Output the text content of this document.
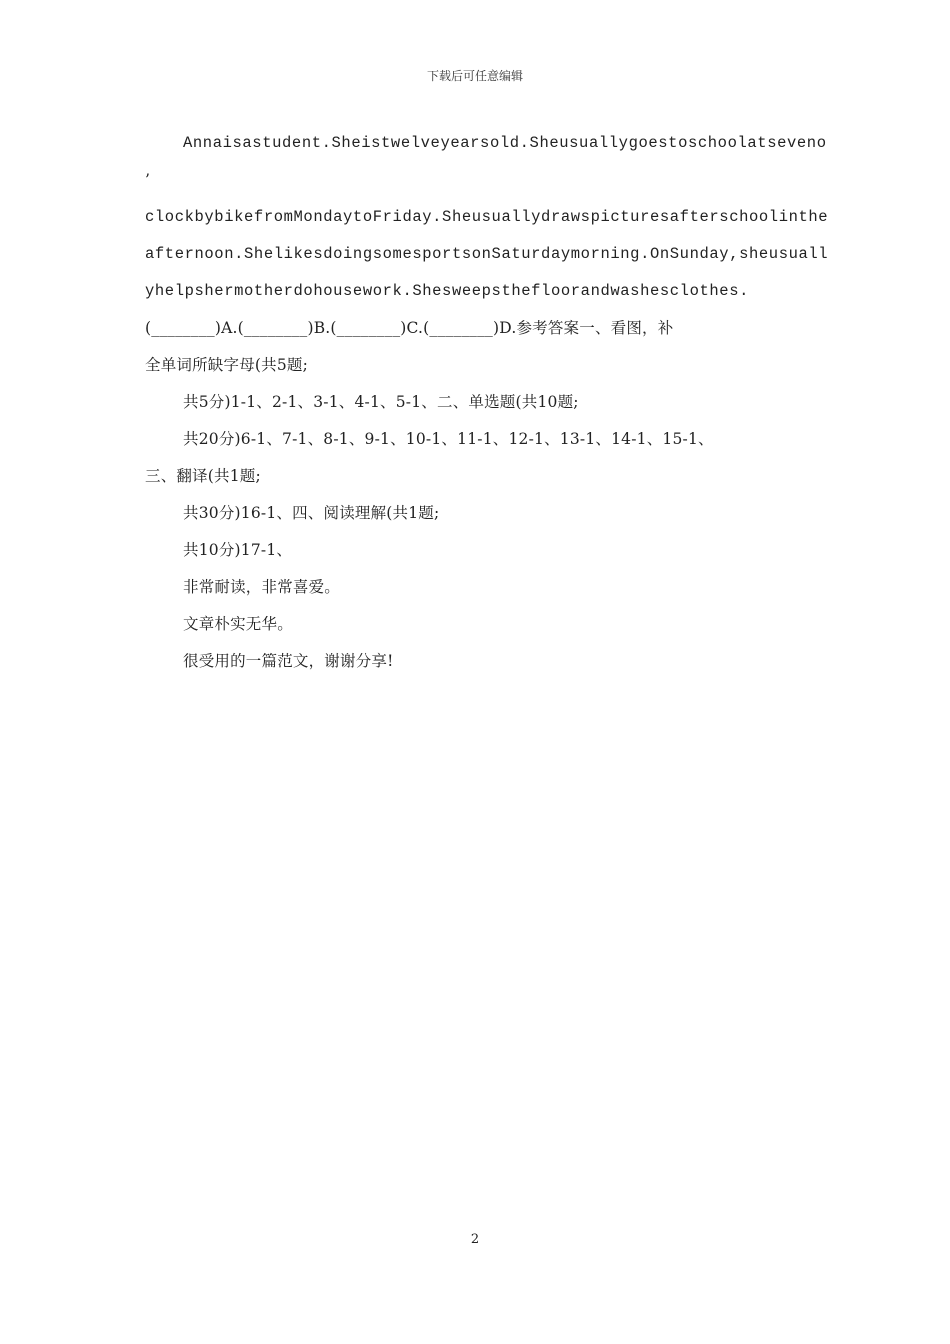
下载后可任意编辑

Annaisastudent.Sheistwelveyearsold.Sheusuallygoestoschoolatseveno

’

clockbybikefromMondaytoFriday.Sheusuallydrawspicturesafterschoolinthe

afternoon.ShelikesdoingsomesportsonSaturdaymorning.OnSunday,sheusuall

yhelpshermotherdohousework.Shesweepsthefloorandwashesclothes.

(________)A.(________)B.(________)C.(________)D.参考答案一、看图，补

全单词所缺字母(共5题;

共5分)1-1、2-1、3-1、4-1、5-1、二、单选题(共10题;

共20分)6-1、7-1、8-1、9-1、10-1、11-1、12-1、13-1、14-1、15-1、

三、翻译(共1题;

共30分)16-1、四、阅读理解(共1题;

共10分)17-1、

非常耐读，非常喜爱。

文章朴实无华。

很受用的一篇范文，谢谢分享!

2
